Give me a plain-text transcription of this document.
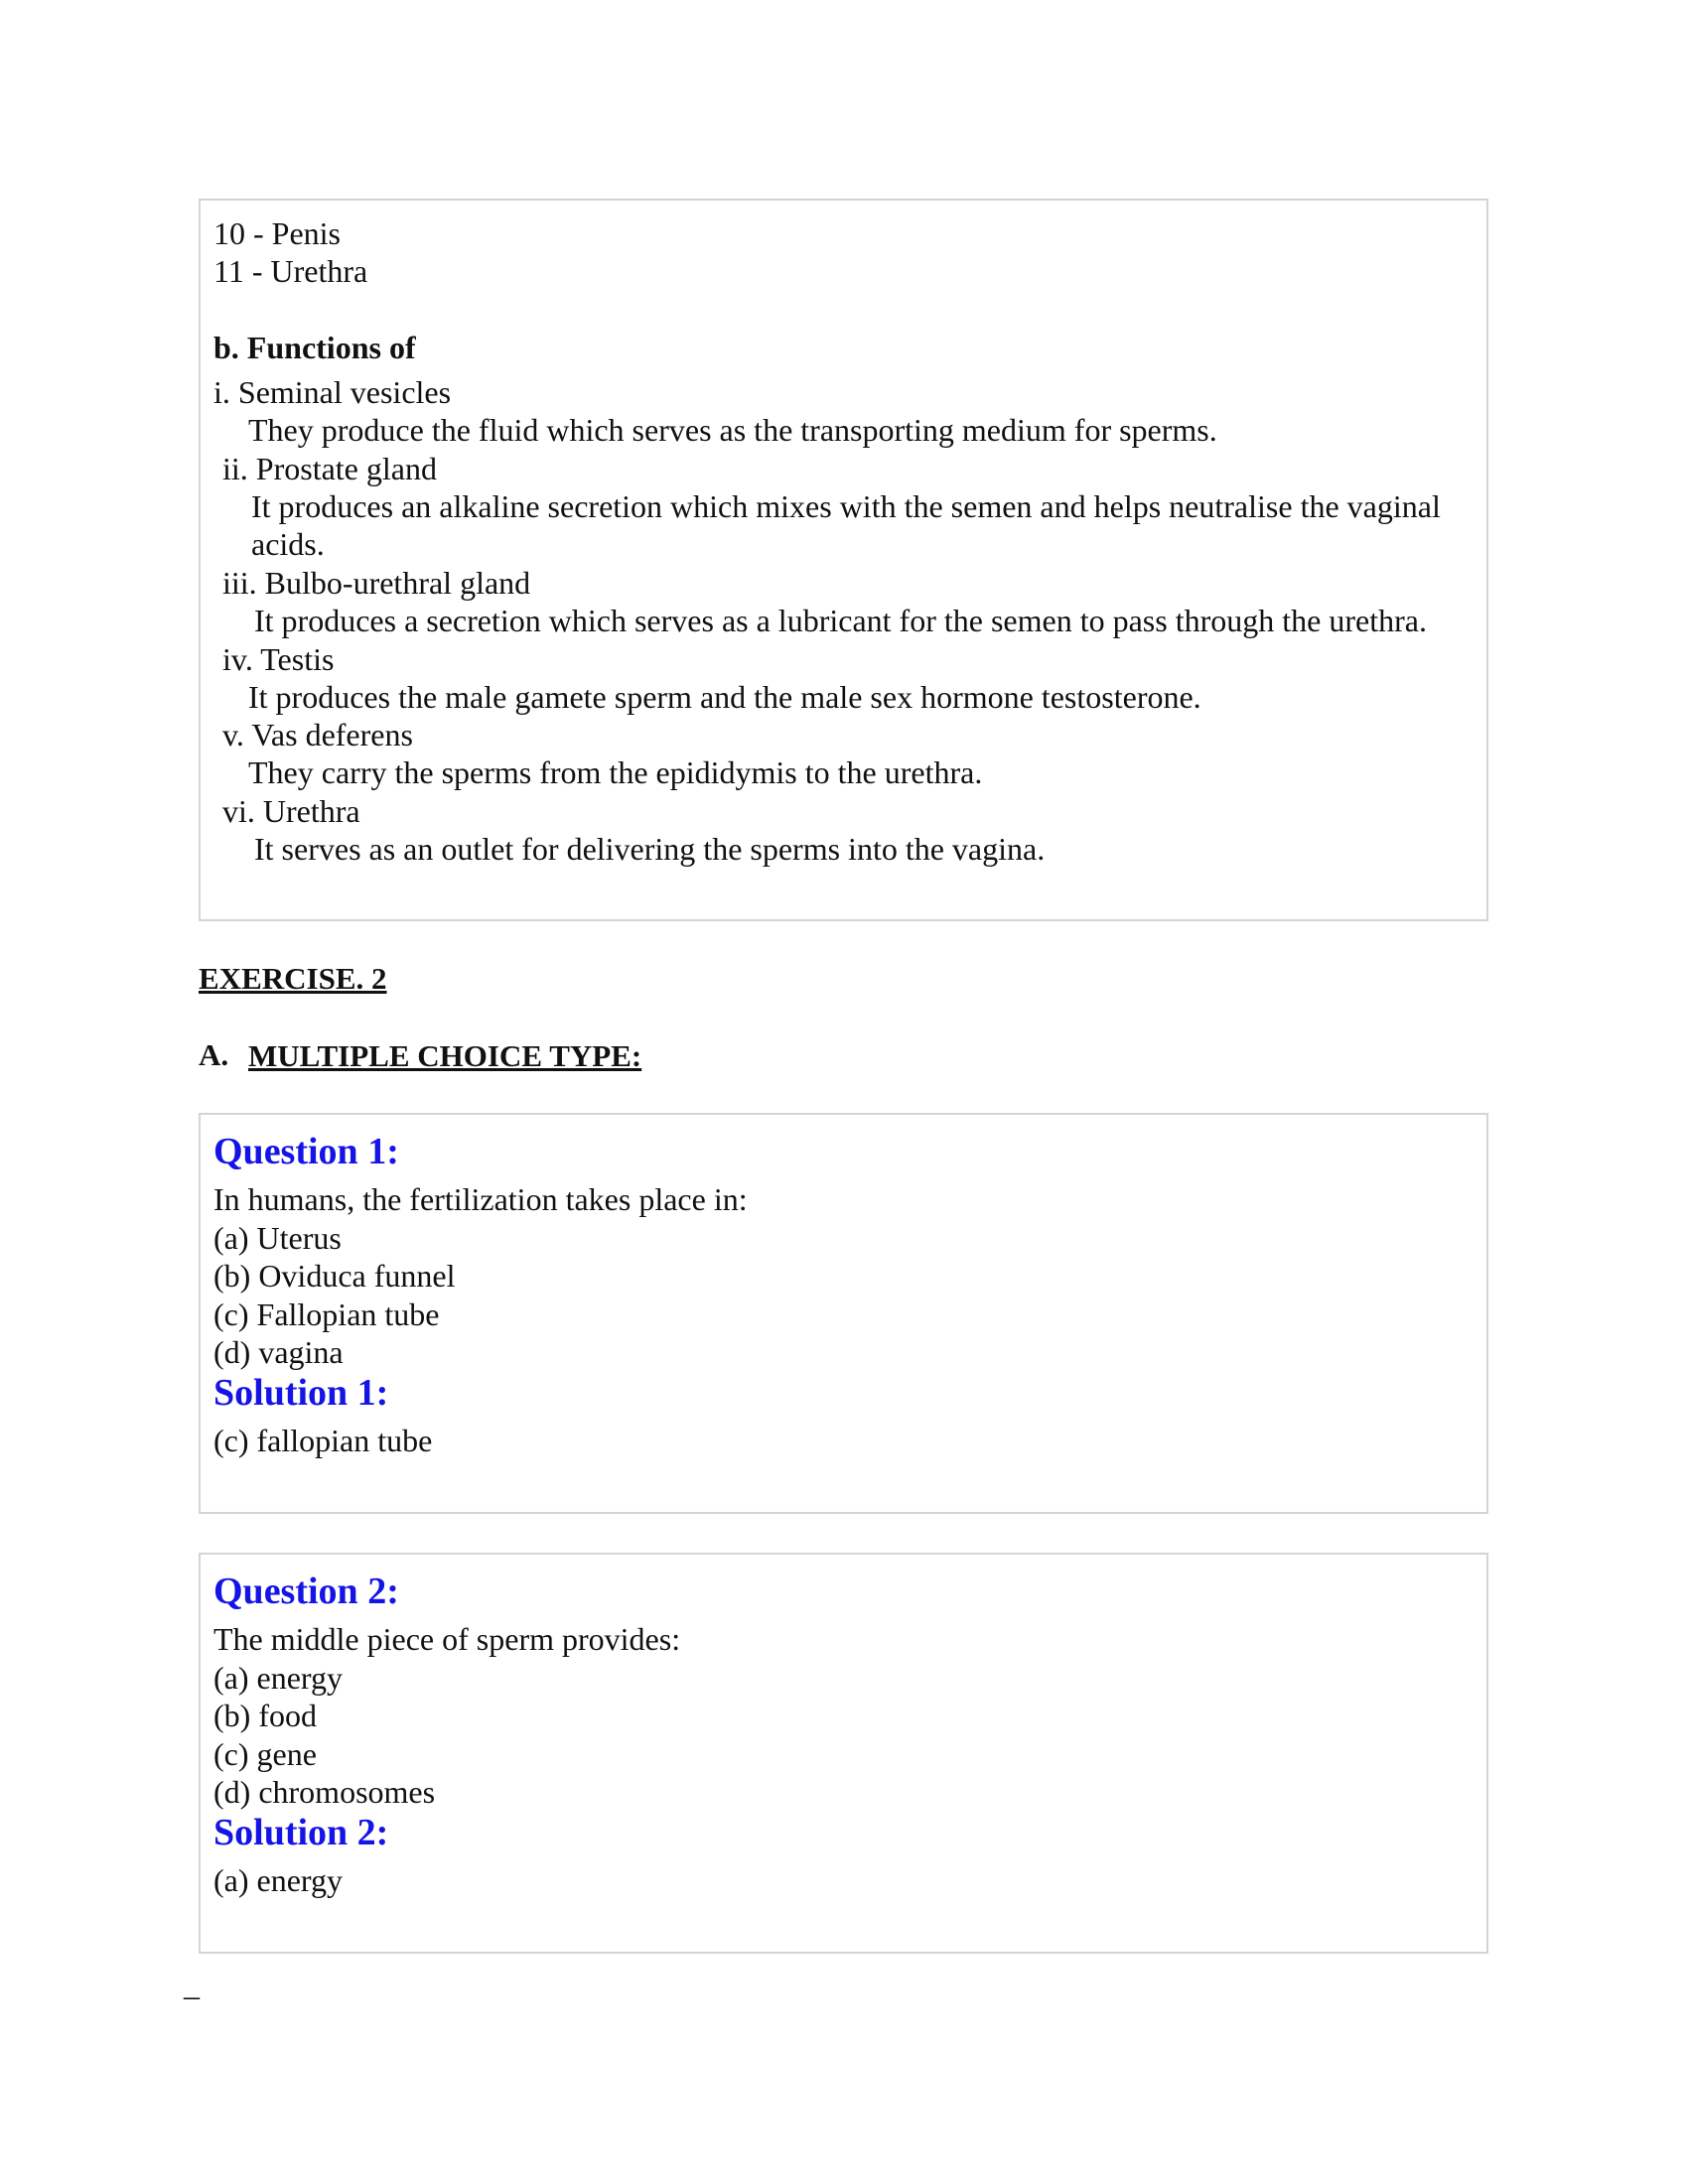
10 - Penis
11 - Urethra
b. Functions of
i. Seminal vesicles
They produce the fluid which serves as the transporting medium for sperms.
ii. Prostate gland
It produces an alkaline secretion which mixes with the semen and helps neutralise the vaginal
acids.
iii. Bulbo-urethral gland
It produces a secretion which serves as a lubricant for the semen to pass through the urethra.
iv. Testis
It produces the male gamete sperm and the male sex hormone testosterone.
v. Vas deferens
They carry the sperms from the epididymis to the urethra.
vi. Urethra
It serves as an outlet for delivering the sperms into the vagina.
EXERCISE. 2
A. MULTIPLE CHOICE TYPE:
Question 1:
In humans, the fertilization takes place in:
(a) Uterus
(b) Oviduca funnel
(c) Fallopian tube
(d) vagina
Solution 1:
(c) fallopian tube
Question 2:
The middle piece of sperm provides:
(a) energy
(b) food
(c) gene
(d) chromosomes
Solution 2:
(a) energy
_
